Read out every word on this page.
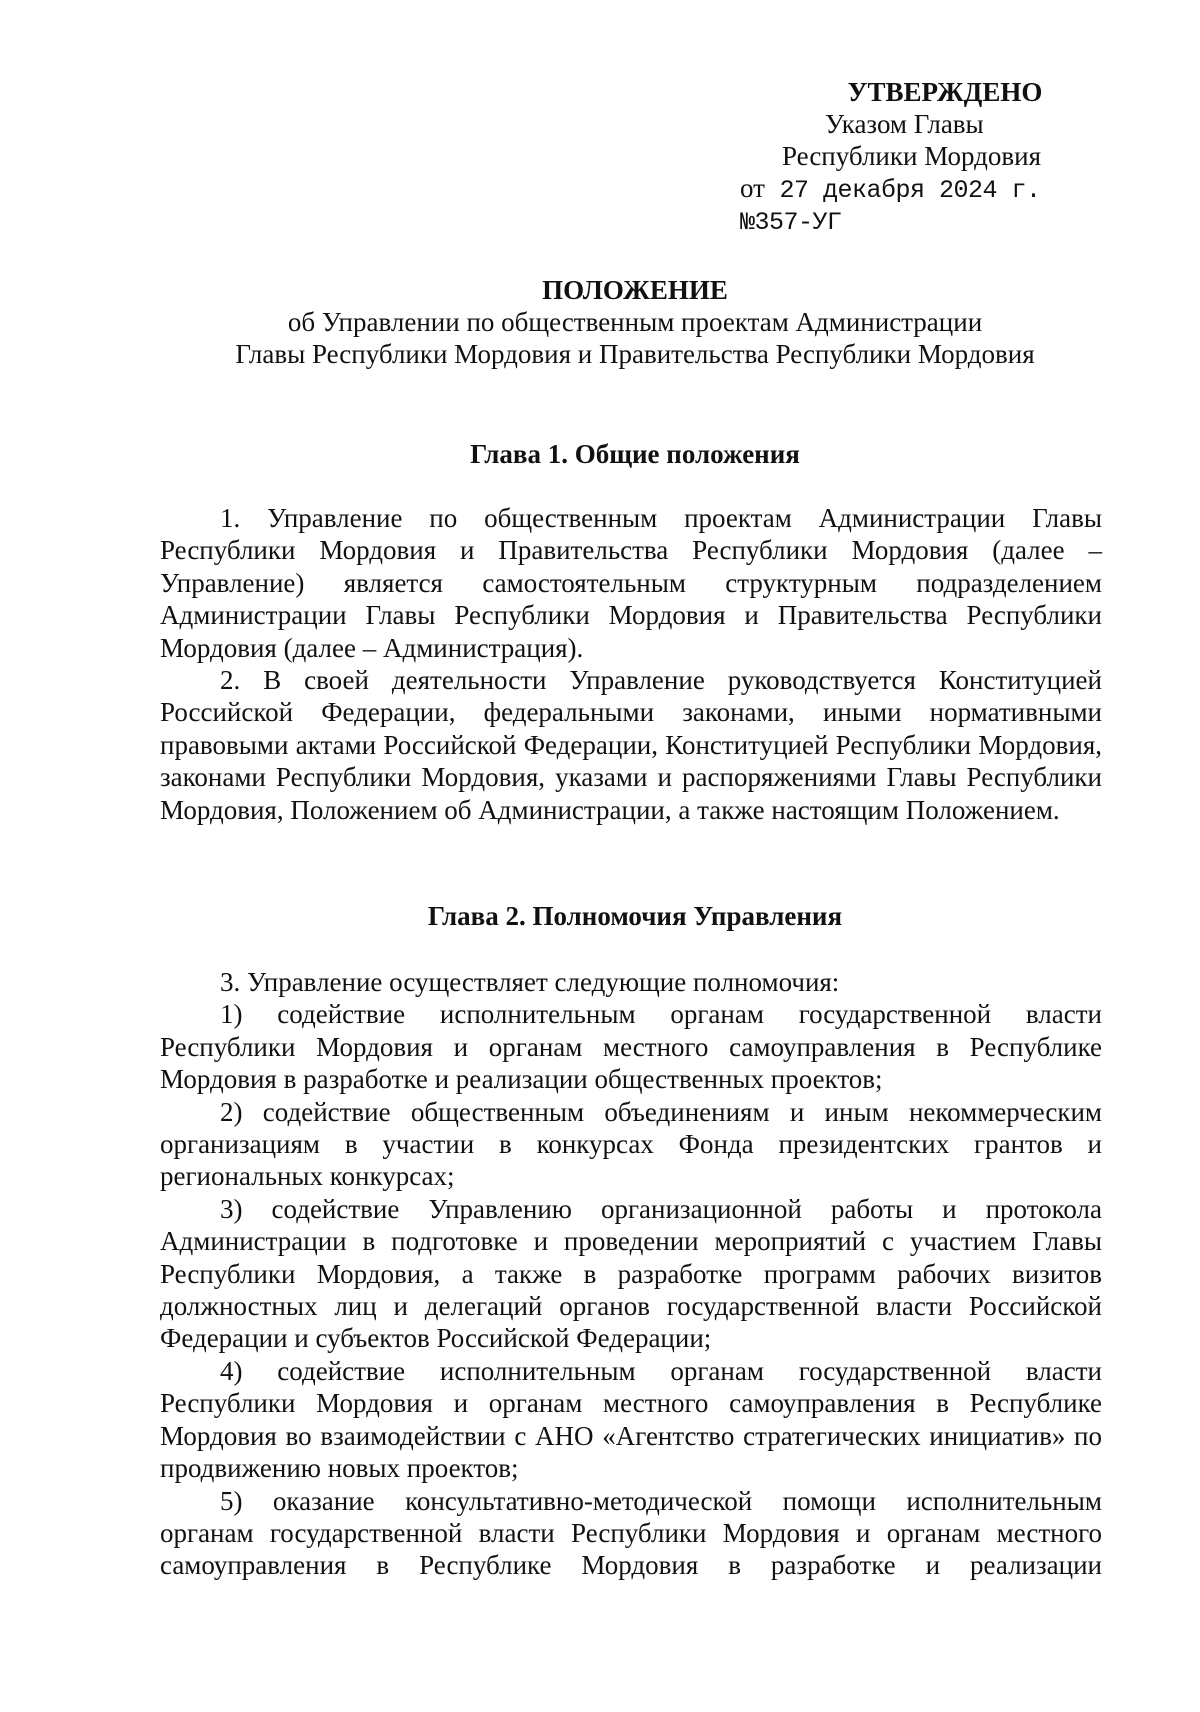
УТВЕРЖДЕНО
Указом Главы
Республики Мордовия
от 27 декабря 2024 г. №357-УГ
ПОЛОЖЕНИЕ
об Управлении по общественным проектам Администрации
Главы Республики Мордовия и Правительства Республики Мордовия
Глава 1. Общие положения

1. Управление по общественным проектам Администрации Главы Республики Мордовия и Правительства Республики Мордовия (далее – Управление) является самостоятельным структурным подразделением Администрации Главы Республики Мордовия и Правительства Республики Мордовия (далее – Администрация).

2. В своей деятельности Управление руководствуется Конституцией Российской Федерации, федеральными законами, иными нормативными правовыми актами Российской Федерации, Конституцией Республики Мордовия, законами Республики Мордовия, указами и распоряжениями Главы Республики Мордовия, Положением об Администрации, а также настоящим Положением.

Глава 2. Полномочия Управления

3. Управление осуществляет следующие полномочия:

1) содействие исполнительным органам государственной власти Республики Мордовия и органам местного самоуправления в Республике Мордовия в разработке и реализации общественных проектов;

2) содействие общественным объединениям и иным некоммерческим организациям в участии в конкурсах Фонда президентских грантов и региональных конкурсах;

3) содействие Управлению организационной работы и протокола Администрации в подготовке и проведении мероприятий с участием Главы Республики Мордовия, а также в разработке программ рабочих визитов должностных лиц и делегаций органов государственной власти Российской Федерации и субъектов Российской Федерации;

4) содействие исполнительным органам государственной власти Республики Мордовия и органам местного самоуправления в Республике Мордовия во взаимодействии с АНО «Агентство стратегических инициатив» по продвижению новых проектов;

5) оказание консультативно-методической помощи исполнительным органам государственной власти Республики Мордовия и органам местного самоуправления в Республике Мордовия в разработке и реализации
